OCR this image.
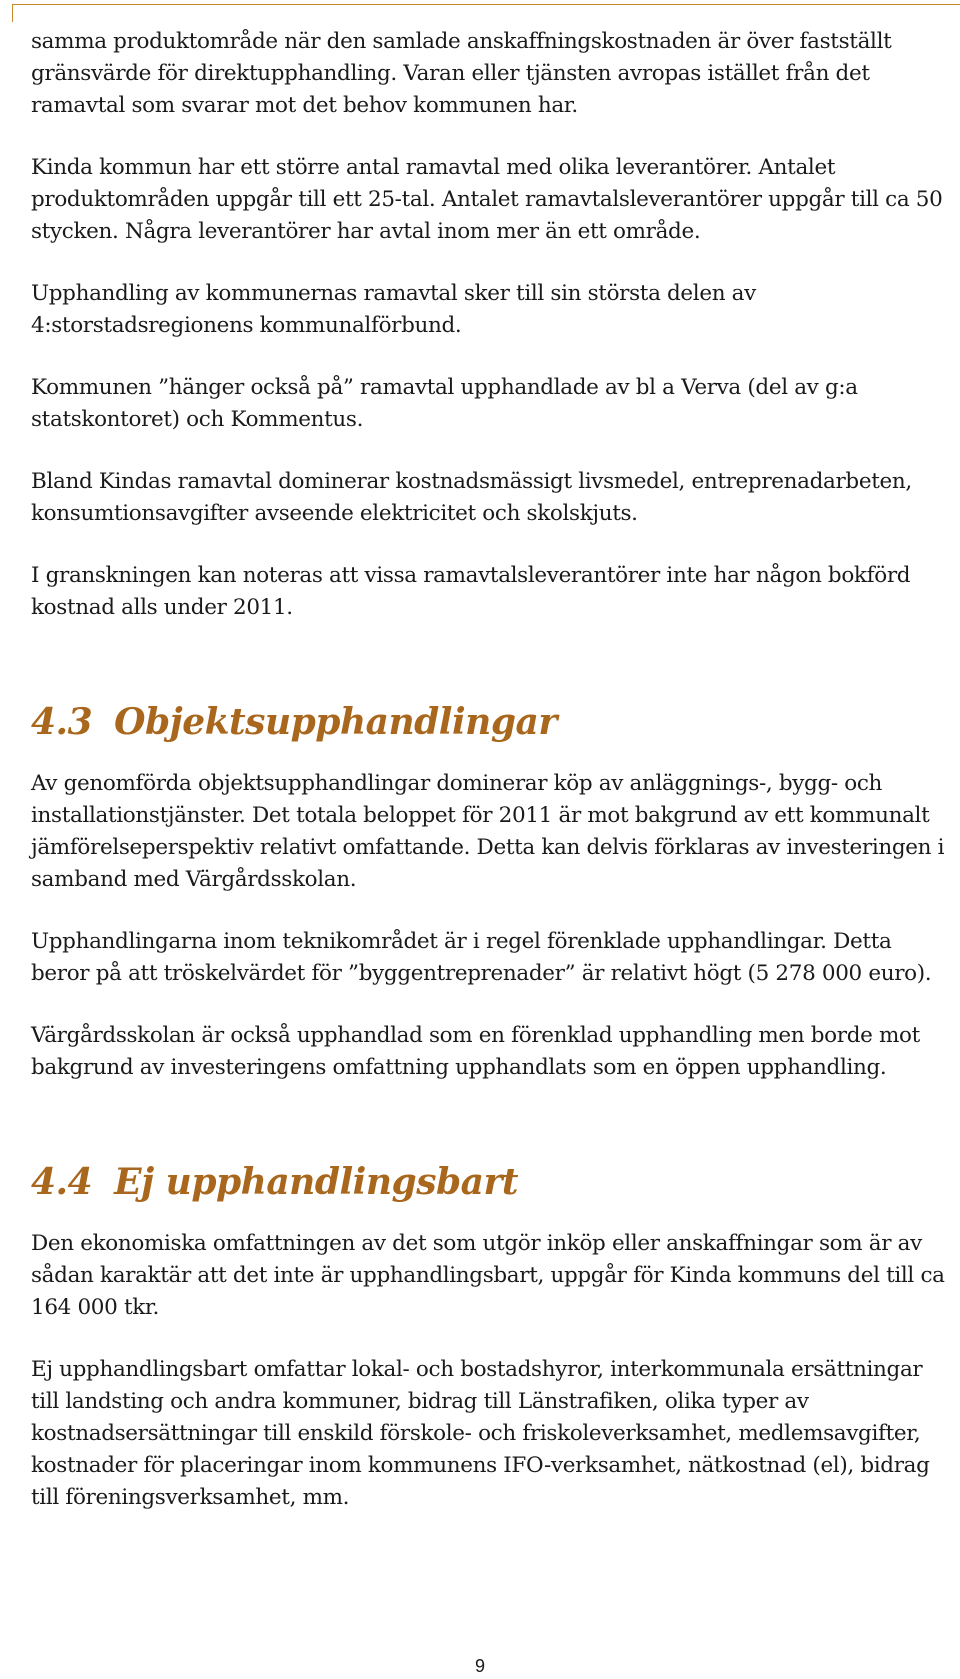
samma produktområde när den samlade anskaffningskostnaden är över fastställt gränsvärde för direktupphandling. Varan eller tjänsten avropas istället från det ramavtal som svarar mot det behov kommunen har.

Kinda kommun har ett större antal ramavtal med olika leverantörer. Antalet produktområden uppgår till ett 25-tal. Antalet ramavtalsleverantörer uppgår till ca 50 stycken. Några leverantörer har avtal inom mer än ett område.

Upphandling av kommunernas ramavtal sker till sin största delen av 4:storstadsregionens kommunalförbund.

Kommunen ”hänger också på” ramavtal upphandlade av bl a Verva (del av g:a statskontoret) och Kommentus.

Bland Kindas ramavtal dominerar kostnadsmässigt livsmedel, entreprenadarbeten, konsumtionsavgifter avseende elektricitet och skolskjuts.

I granskningen kan noteras att vissa ramavtalsleverantörer inte har någon bokförd kostnad alls under 2011.

4.3 Objektsupphandlingar

Av genomförda objektsupphandlingar dominerar köp av anläggnings-, bygg- och installationstjänster. Det totala beloppet för 2011 är mot bakgrund av ett kommunalt jämförelseperspektiv relativt omfattande. Detta kan delvis förklaras av investeringen i samband med Värgårdsskolan.

Upphandlingarna inom teknikområdet är i regel förenklade upphandlingar. Detta beror på att tröskelvärdet för ”byggentreprenader” är relativt högt (5 278 000 euro).

Värgårdsskolan är också upphandlad som en förenklad upphandling men borde mot bakgrund av investeringens omfattning upphandlats som en öppen upphandling.

4.4 Ej upphandlingsbart

Den ekonomiska omfattningen av det som utgör inköp eller anskaffningar som är av sådan karaktär att det inte är upphandlingsbart, uppgår för Kinda kommuns del till ca 164 000 tkr.

Ej upphandlingsbart omfattar lokal- och bostadshyror, interkommunala ersättningar till landsting och andra kommuner, bidrag till Länstrafiken, olika typer av kostnadsersättningar till enskild förskole- och friskoleverksamhet, medlemsavgifter, kostnader för placeringar inom kommunens IFO-verksamhet, nätkostnad (el), bidrag till föreningsverksamhet, mm.

9
